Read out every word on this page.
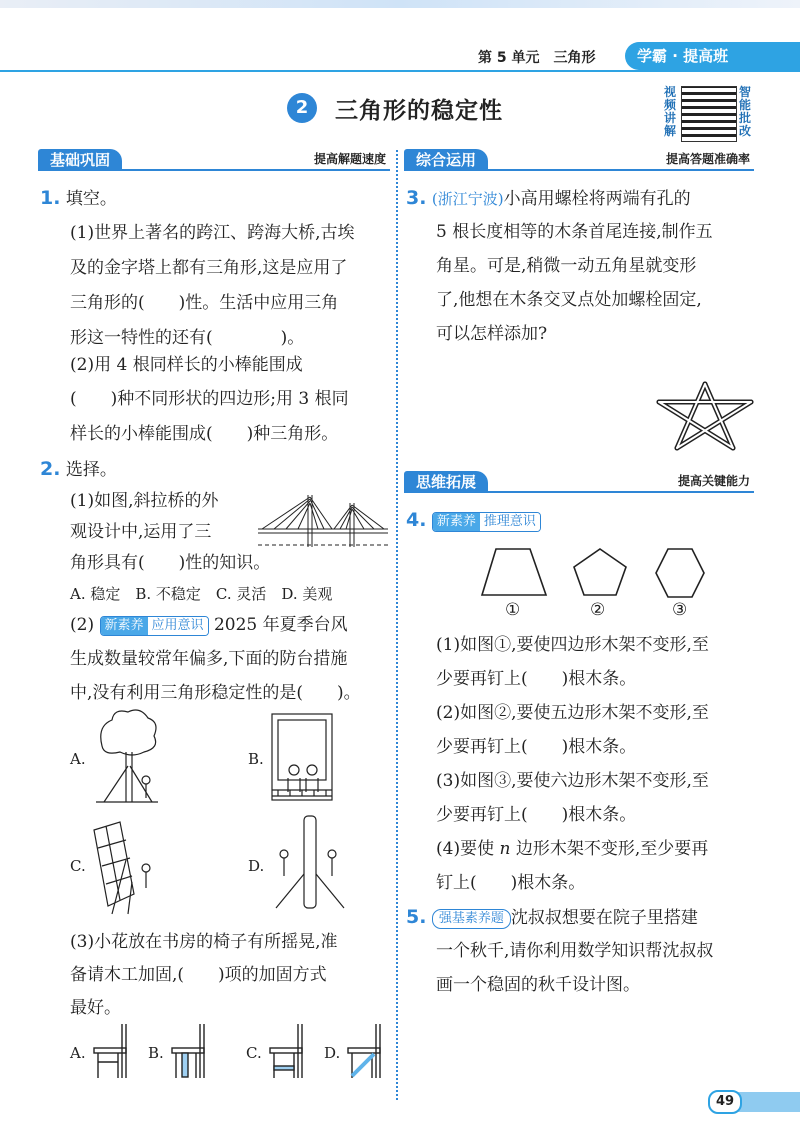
第 5 单元　三角形	学霸 · 提高班
2	三角形的稳定性
视频讲解
智能批改
基础巩固	提高解题速度
1. 填空。
(1)世界上著名的跨江、跨海大桥,古埃
及的金字塔上都有三角形,这是应用了
三角形的(　　)性。生活中应用三角
形这一特性的还有(　　　　)。
(2)用 4 根同样长的小棒能围成
(　　)种不同形状的四边形;用 3 根同
样长的小棒能围成(　　)种三角形。
2. 选择。
(1)如图,斜拉桥的外
观设计中,运用了三
角形具有(　　)性的知识。
A. 稳定　B. 不稳定　C. 灵活　D. 美观
(2) 新素养 应用意识 2025 年夏季台风
生成数量较常年偏多,下面的防台措施
中,没有利用三角形稳定性的是(　　)。
A.	B.
C.	D.
(3)小花放在书房的椅子有所摇晃,准
备请木工加固,(　　)项的加固方式
最好。
A.	B.	C.	D.
综合运用	提高答题准确率
3. (浙江宁波)小高用螺栓将两端有孔的
5 根长度相等的木条首尾连接,制作五
角星。可是,稍微一动五角星就变形
了,他想在木条交叉点处加螺栓固定,
可以怎样添加?
思维拓展	提高关键能力
4. 新素养 推理意识
①	②	③
(1)如图①,要使四边形木架不变形,至
少要再钉上(　　)根木条。
(2)如图②,要使五边形木架不变形,至
少要再钉上(　　)根木条。
(3)如图③,要使六边形木架不变形,至
少要再钉上(　　)根木条。
(4)要使 n 边形木架不变形,至少要再
钉上(　　)根木条。
5. 强基素养题 沈叔叔想要在院子里搭建
一个秋千,请你利用数学知识帮沈叔叔
画一个稳固的秋千设计图。
49
